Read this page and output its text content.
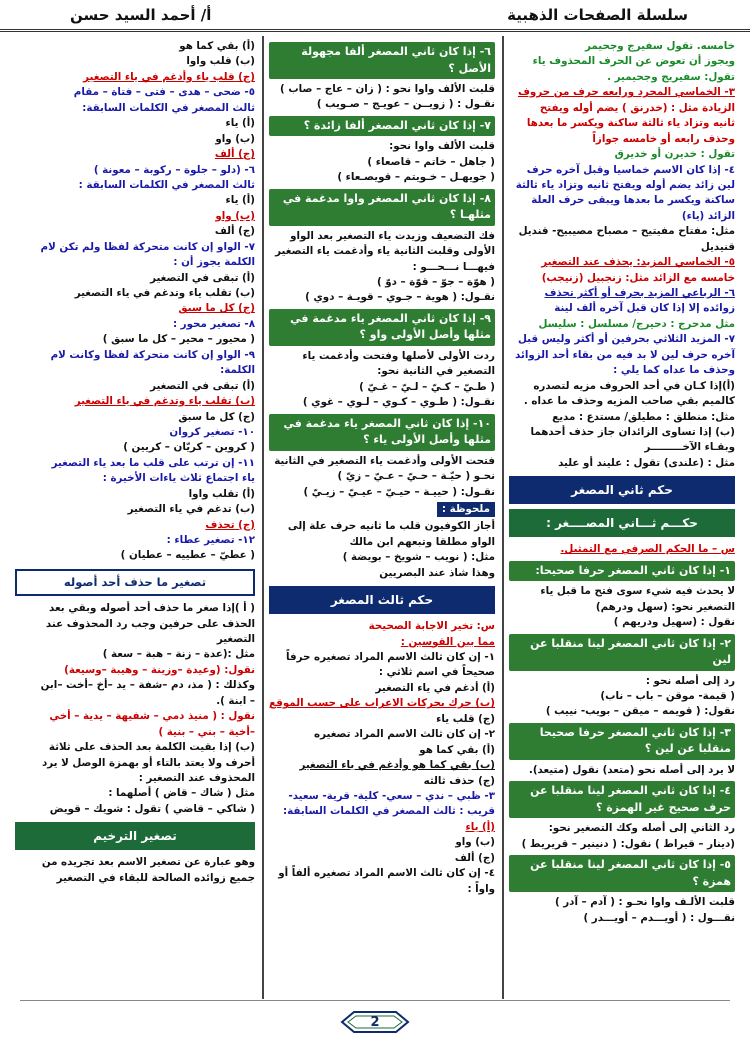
سلسلة الصفحات الذهبية
أ/ أحمد السيد حسن
خامسه. تقول سفيرج وجحيمر
ويجوز أن تعوض عن الحرف المحذوف ياء
تقول: سفيريج وجحيمير .
٣- الخماسي المجرد ورابعه حرف من حروف
الزيادة مثل : (خدرنق ) يضم أوله ويفتح
ثانيه وتزاد ياء ثالثة ساكنة ويكسر ما بعدها
وحذف رابعه أو خامسه جوازاً
تقول : خديرن أو خديرق
٤- إذا كان الاسم خماسيا وقبل آخره حرف
لين زائد يضم أوله ويفتح ثانيه وتزاد ياء ثالثة
ساكنة ويكسر ما بعدها ويبقى حرف العلة
الزائد (ياء)
مثل: مفتاح مفيتيح – مصباح مصيبيح- قنديل
قنيديل
٥- الخماسي المزيد: يحذف عند التصغير
خامسه مع الزائد مثل: زنجبيل (زنيجب)
٦- الرباعي المزيد بحرف أو أكثر تحذف
زوائده إلا إذا كان قبل آخره ألف لينة
مثل مدحرج : دحيرج/ مسلسل : سليسل
٧- المزيد الثلاثي بحرفين أو أكثر وليس قبل
آخره حرف لين لا بد فيه من بقاء أحد الزوائد
وحذف ما عداه كما يلي :
(أ)إذا كـان في أحد الحروف مزيه لتصدره
كالميم بقي صاحب المزيه وحذف ما عداه .
مثل: منطلق : مطيلق/ مستدع : مديع
(ب) إذا تساوى الزائدان جاز حذف أحدهما
وبقـاء الآخـــــــــر
مثل : (علندى) تقول : عليند أو عليد
حكم ثاني المصغر
حكـــم ثـــاني المصــــغر :
س – ما الحكم الصرفي مع التمثيل.
١- إذا كان ثاني المصغر حرفا صحيحا:
لا يحدث فيه شيء سوى فتح ما قبل ياء
التصغير نحو: (سهل ودرهم)
نقول : (سهيل ودريهم )
٢- إذا كان ثاني المصغر لينا منقلبا عن لين
رد إلى أصله نحو :
( قيمة- موقن – باب – ناب)
نقول: ( قويمه – ميقن – بويب- نييب )
٣- إذا كان ثاني المصغر حرفا صحيحا منقلبا عن لين ؟
لا يرد إلى أصله نحو (متعد) نقول (متيعد).
٤- إذا كان ثاني المصغر لينا منقلبا عن حرف صحيح غير الهمزة ؟
رد الثاني إلى أصله وكك التصغير نحو:
(دينار – قيراط ) نقول: ( دنينير – قريريط )
٥- إذا كان ثاني المصغر لينا منقلبا عن همزة ؟
قلبت الألـف واوا نحـو : ( آدم – آدر )
نقـــول : ( أويـــدم – أويـــدر )
٦- إذا كان ثاني المصغر ألفا مجهولة الأصل ؟
قلبت الألف واوا نحو : ( زان – عاج – صاب )
نقـول : ( زويــن – عويـج – صـويب )
٧- إذا كان ثاني المصغر ألفا زائدة ؟
قلبت الألف واوا نحو:
( جاهل – خاتم – قاصعاء )
( جويهـل – خـويتم – قويصـعاء )
٨- إذا كان ثاني المصغر واوا مدغمة في مثلهـا ؟
فك التضعيف وزيدت ياء التصغير بعد الواو
الأولى وقلبت الثانية ياء وأدغمت ياء التصغير
فيهـــا نـــحـــو :
( هوّة – جوّ – قوّة – دوّ )
نقـول: ( هوية – جـوي – قويـة – دوي )
٩- إذا كان ثاني المصغر ياء مدغمة في مثلها وأصل الأولى واو ؟
ردت الأولى لأصلها وفتحت وأدغمت ياء
التصغير في الثانية نحو:
( طـيّ – كـيّ – لـيّ – غـيّ )
نقـول: ( طـوي – كـوي – لـوي – غوي )
١٠- إذا كان ثاني المصغر ياء مدغمة في مثلها وأصل الأولى ياء ؟
فتحت الأولى وأدغمت ياء التصغير في الثانية
نحـو ( حيّـة – حـيّ – عـيّ – زيّ )
نقـول: ( حييـة – حيـيّ – عيـيّ – زيـيّ )
ملحوظة :

أجاز الكوفيون قلب ما ثانيه حرف علة إلى
الواو مطلقا وتبعهم ابن مالك
مثل: ( نويب – شويخ – بويضة )
وهذا شاذ عند البصريين
حكم ثالث المصغر
س: تخير الاجابة الصحيحة
مما بين القوسين :
١- إن كان ثالث الاسم المراد تصغيره حرفاً
صحيحاً في اسم ثلاثي :
(أ) أدغم في ياء التصغير
(ب) حرك بحركات الاعراب على حسب الموقع
(ج) قلب ياء
٢- إن كان ثالث الاسم المراد تصغيره
(أ) بقي كما هو
(ب) بقي كما هو وأدغم في ياء التصغير
(ج) حذف ثالثه
٣- ظبي – ندي – سعي- كلية- قرية- سعيد-
قريب : ثالث المصغر في الكلمات السابقة:
(أ) ياء
(ب) واو
(ج) ألف
٤- إن كان ثالث الاسم المراد تصغيره ألفاً أو
واواً :
(أ) بقي كما هو
(ب) قلب واوا
(ج) قلب ياء وأدغم في ياء التصغير
٥- ضحى – هدى – فتى – فتاة – مقام
ثالث المصغر في الكلمات السابقة:
(أ) ياء
(ب) واو
(ج) ألف
٦- (دلو – جلوة – ركوبة – معونة )
ثالث المصغر في الكلمات السابقة :
(أ) ياء
(ب) واو
(ج) ألف
٧- الواو إن كانت متحركة لفظا ولم تكن لام
الكلمة يجوز أن :
(أ) تبقى في التصغير
(ب) تقلب ياء وتدغم في ياء التصغير
(ج) كل ما سبق
٨- تصغير محور :
( محيور – محير – كل ما سبق )
٩- الواو إن كانت متحركة لفظا وكانت لام
الكلمة:
(أ) تبقى في التصغير
(ب) تقلب ياء وتدغم في ياء التصغير
(ج) كل ما سبق
١٠- تصغير كروان
( كروين – كريّان – كريين )
١١- إن ترتب على قلب ما بعد ياء التصغير
ياء اجتماع ثلاث ياءات الأخيرة :
(أ) تقلب واوا
(ب) تدغم في ياء التصغير
(ج) تحذف
١٢- تصغير عطاء :
( عطيّ – عطييه – عطيان )
تصغير ما حذف أحد أصوله
( أ )إذا صغر ما حذف أحد أصوله وبقي بعد
الحذف على حرفين وجب رد المحذوف عند
التصغير
مثل :(عدة – زنة – هبة – سعة )
نقول: (وعيدة –وزينة – وهيبة –وسيعة)
وكذلك : ( مذ، دم –شفة – يد –أخ –أخت –ابن
– ابنة ).
نقول : ( منيذ دمي – شفيهة – يدية – أخي
–أخية – بني – بنية )
(ب) إذا بقيت الكلمة بعد الحذف على ثلاثة
أحرف ولا يعتد بالتاء أو بهمزة الوصل لا يرد
المحذوف عند التصغير :
مثل ( شاك – قاض ) أصلهما :
( شاكي – قاضي ) تقول : شويك – قويض
تصغير الترخيم
وهو عبارة عن تصغير الاسم بعد تجريده من
جميع زوائده الصالحة للبقاء في التصغير
2
